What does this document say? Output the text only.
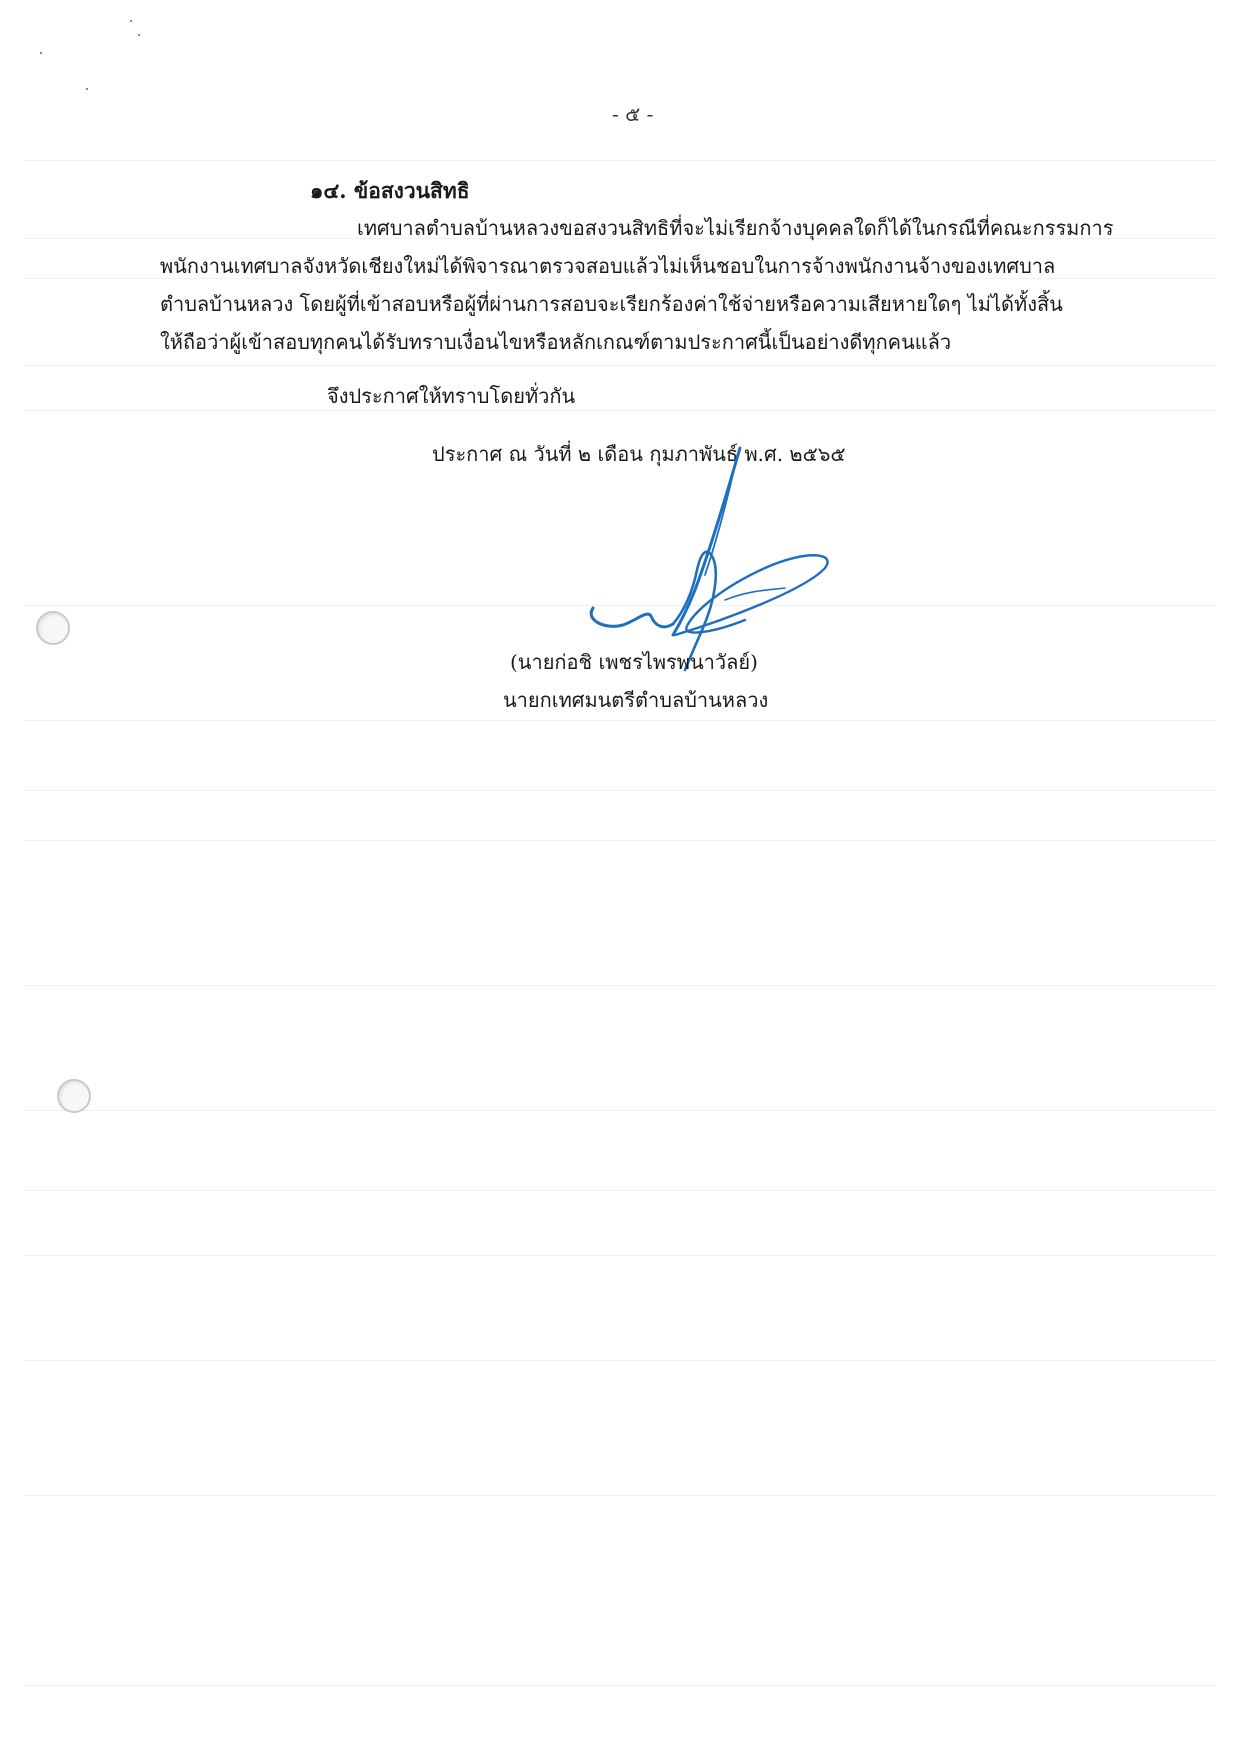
- ๕ -
๑๔. ข้อสงวนสิทธิ
เทศบาลตำบลบ้านหลวงขอสงวนสิทธิที่จะไม่เรียกจ้างบุคคลใดก็ได้ในกรณีที่คณะกรรมการ
พนักงานเทศบาลจังหวัดเชียงใหม่ได้พิจารณาตรวจสอบแล้วไม่เห็นชอบในการจ้างพนักงานจ้างของเทศบาล
ตำบลบ้านหลวง โดยผู้ที่เข้าสอบหรือผู้ที่ผ่านการสอบจะเรียกร้องค่าใช้จ่ายหรือความเสียหายใดๆ ไม่ได้ทั้งสิ้น
ให้ถือว่าผู้เข้าสอบทุกคนได้รับทราบเงื่อนไขหรือหลักเกณฑ์ตามประกาศนี้เป็นอย่างดีทุกคนแล้ว
จึงประกาศให้ทราบโดยทั่วกัน
ประกาศ ณ วันที่ ๒ เดือน กุมภาพันธ์ พ.ศ. ๒๕๖๕
(นายก่อชิ เพชรไพรพนาวัลย์)
นายกเทศมนตรีตำบลบ้านหลวง
